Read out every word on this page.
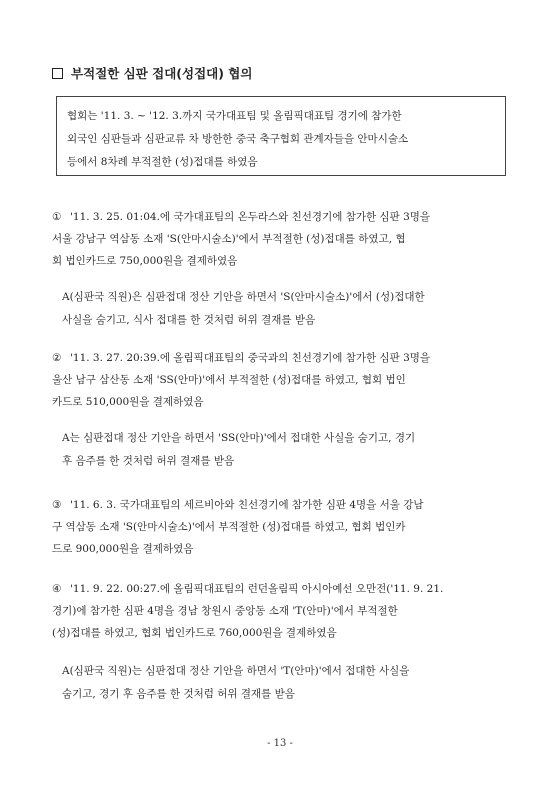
부적절한 심판 접대(성접대) 협의

협회는 '11. 3. ~ '12. 3.까지 국가대표팀 및 올림픽대표팀 경기에 참가한

외국인 심판들과 심판교류 차 방한한 중국 축구협회 관계자들을 안마시술소

등에서 8차례 부적절한 (성)접대를 하였음

① '11. 3. 25. 01:04.에 국가대표팀의 온두라스와 친선경기에 참가한 심판 3명을

서울 강남구 역삼동 소재 'S(안마시술소)'에서 부적절한 (성)접대를 하였고, 협

회 법인카드로 750,000원을 결제하였음

A(심판국 직원)은 심판접대 정산 기안을 하면서 'S(안마시술소)'에서 (성)접대한

사실을 숨기고, 식사 접대를 한 것처럼 허위 결재를 받음

② '11. 3. 27. 20:39.에 올림픽대표팀의 중국과의 친선경기에 참가한 심판 3명을

울산 남구 삼산동 소재 'SS(안마)'에서 부적절한 (성)접대를 하였고, 협회 법인

카드로 510,000원을 결제하였음

A는 심판접대 정산 기안을 하면서 'SS(안마)'에서 접대한 사실을 숨기고, 경기

후 음주를 한 것처럼 허위 결재를 받음

③ '11. 6. 3. 국가대표팀의 세르비아와 친선경기에 참가한 심판 4명을 서울 강남

구 역삼동 소재 'S(안마시술소)'에서 부적절한 (성)접대를 하였고, 협회 법인카

드로 900,000원을 결제하였음

④ '11. 9. 22. 00:27.에 올림픽대표팀의 런던올림픽 아시아예선 오만전('11. 9. 21.

경기)에 참가한 심판 4명을 경남 창원시 중앙동 소재 'T(안마)'에서 부적절한

(성)접대를 하였고, 협회 법인카드로 760,000원을 결제하였음

A(심판국 직원)는 심판접대 정산 기안을 하면서 'T(안마)'에서 접대한 사실을

숨기고, 경기 후 음주를 한 것처럼 허위 결재를 받음

- 13 -
